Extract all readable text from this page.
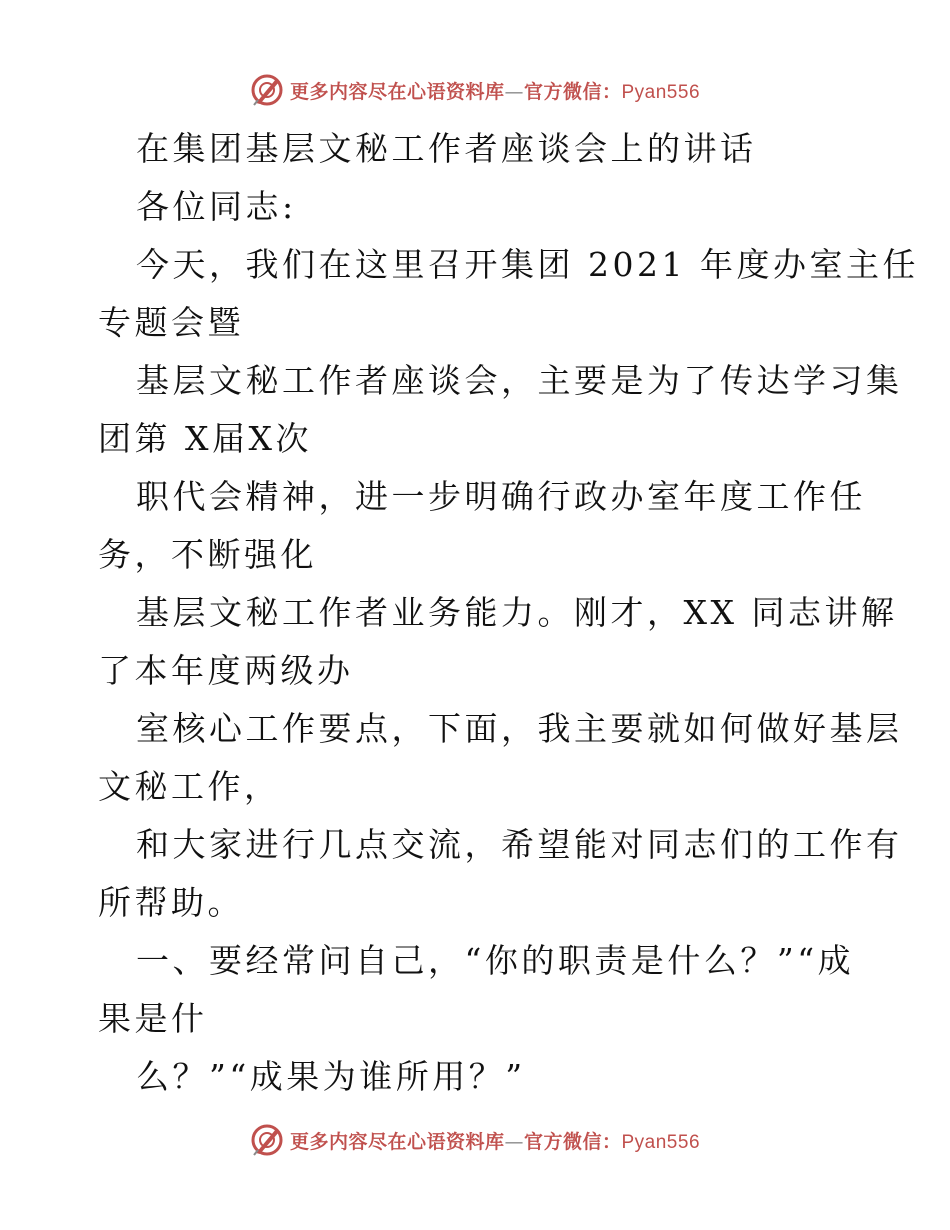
更多内容尽在心语资料库—官方微信：Pyan556
在集团基层文秘工作者座谈会上的讲话
各位同志:
今天，我们在这里召开集团 2021 年度办室主任
专题会暨
基层文秘工作者座谈会，主要是为了传达学习集
团第 X届X次
职代会精神，进一步明确行政办室年度工作任
务，不断强化
基层文秘工作者业务能力。刚才，XX 同志讲解
了本年度两级办
室核心工作要点，下面，我主要就如何做好基层
文秘工作，
和大家进行几点交流，希望能对同志们的工作有
所帮助。
一、要经常问自己，“你的职责是什么？”“成
果是什
么？”“成果为谁所用？”
更多内容尽在心语资料库—官方微信：Pyan556
